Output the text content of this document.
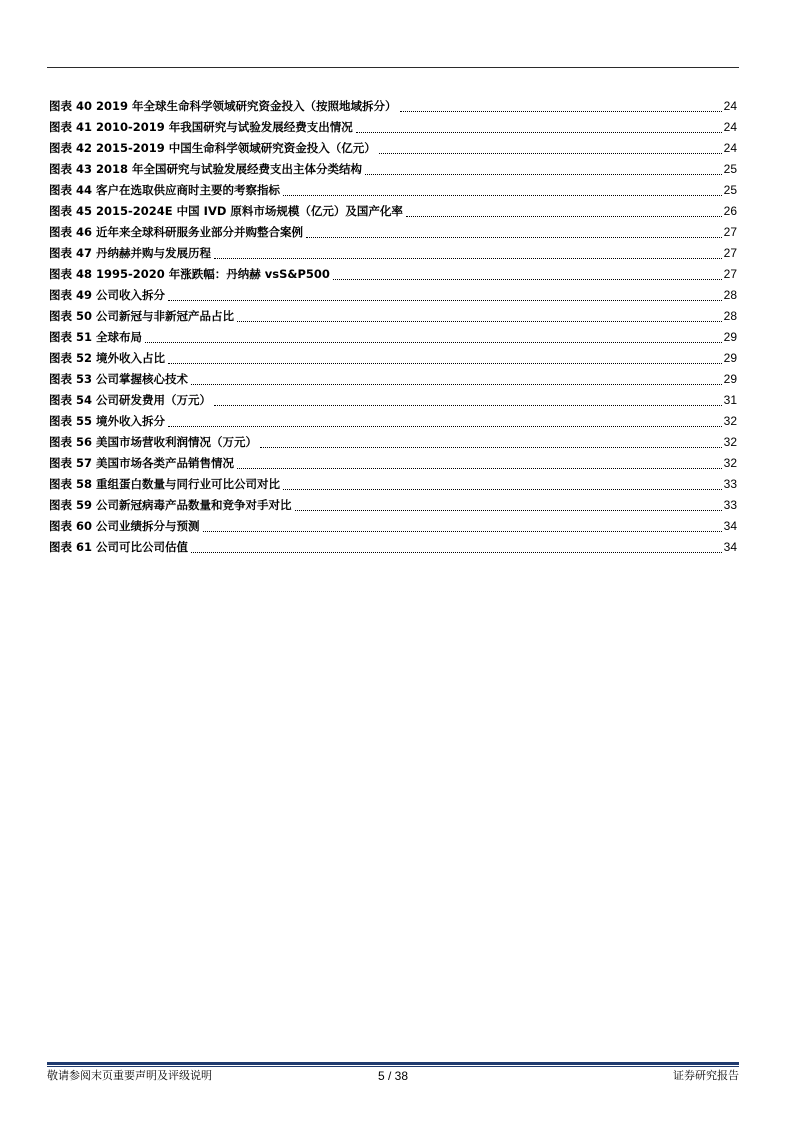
图表 40 2019 年全球生命科学领域研究资金投入（按照地域拆分）	24
图表 41 2010-2019 年我国研究与试验发展经费支出情况	24
图表 42 2015-2019 中国生命科学领域研究资金投入（亿元）	24
图表 43 2018 年全国研究与试验发展经费支出主体分类结构	25
图表 44 客户在选取供应商时主要的考察指标	25
图表 45 2015-2024E 中国 IVD 原料市场规模（亿元）及国产化率	26
图表 46 近年来全球科研服务业部分并购整合案例	27
图表 47 丹纳赫并购与发展历程	27
图表 48 1995-2020 年涨跌幅：丹纳赫 vsS&P500	27
图表 49 公司收入拆分	28
图表 50 公司新冠与非新冠产品占比	28
图表 51 全球布局	29
图表 52 境外收入占比	29
图表 53 公司掌握核心技术	29
图表 54 公司研发费用（万元）	31
图表 55 境外收入拆分	32
图表 56 美国市场营收利润情况（万元）	32
图表 57 美国市场各类产品销售情况	32
图表 58 重组蛋白数量与同行业可比公司对比	33
图表 59 公司新冠病毒产品数量和竞争对手对比	33
图表 60 公司业绩拆分与预测	34
图表 61 公司可比公司估值	34
敬请参阅末页重要声明及评级说明	5 / 38	证券研究报告
